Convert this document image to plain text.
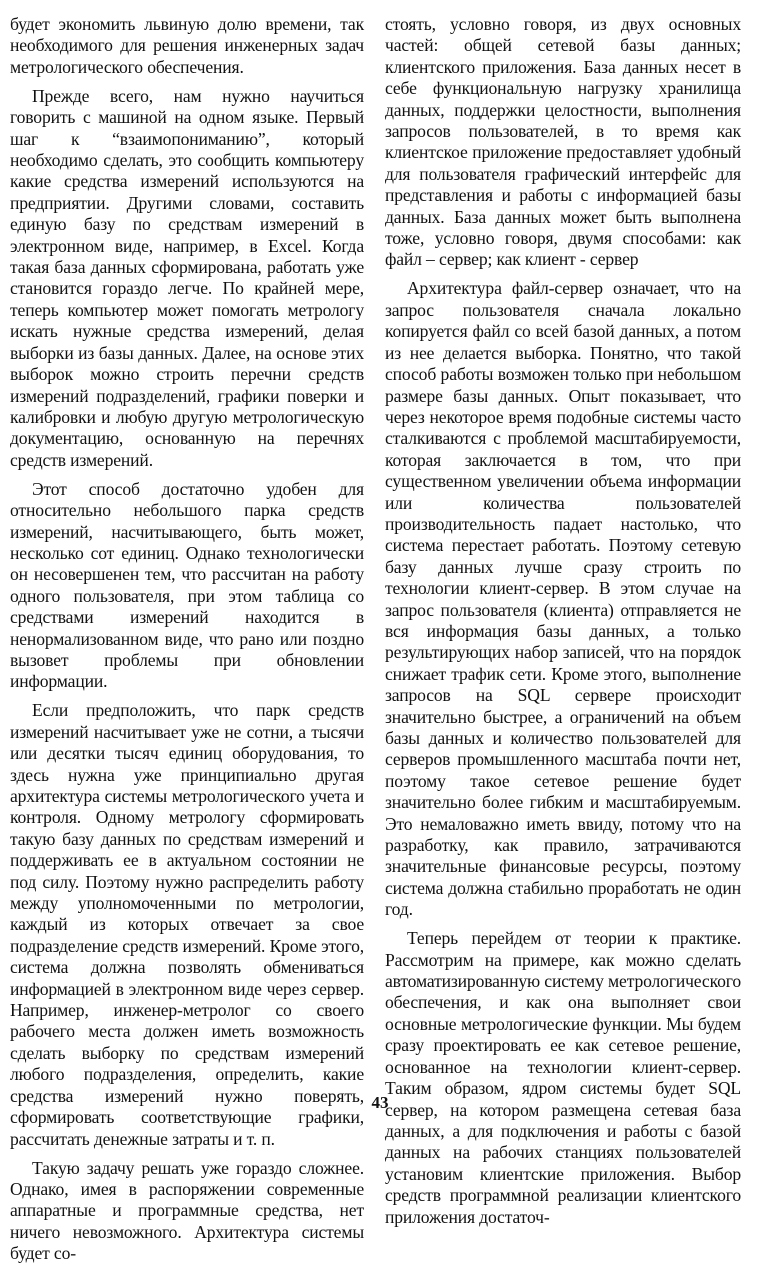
будет экономить львиную долю времени, так необходимого для решения инженерных задач метрологического обеспечения.

Прежде всего, нам нужно научиться говорить с машиной на одном языке. Первый шаг к “взаимопониманию”, который необходимо сделать, это сообщить компьютеру какие средства измерений используются на предприятии. Другими словами, составить единую базу по средствам измерений в электронном виде, например, в Excel. Когда такая база данных сформирована, работать уже становится гораздо легче. По крайней мере, теперь компьютер может помогать метрологу искать нужные средства измерений, делая выборки из базы данных. Далее, на основе этих выборок можно строить перечни средств измерений подразделений, графики поверки и калибровки и любую другую метрологическую документацию, основанную на перечнях средств измерений.

Этот способ достаточно удобен для относительно небольшого парка средств измерений, насчитывающего, быть может, несколько сот единиц. Однако технологически он несовершенен тем, что рассчитан на работу одного пользователя, при этом таблица со средствами измерений находится в ненормализованном виде, что рано или поздно вызовет проблемы при обновлении информации.

Если предположить, что парк средств измерений насчитывает уже не сотни, а тысячи или десятки тысяч единиц оборудования, то здесь нужна уже принципиально другая архитектура системы метрологического учета и контроля. Одному метрологу сформировать такую базу данных по средствам измерений и поддерживать ее в актуальном состоянии не под силу. Поэтому нужно распределить работу между уполномоченными по метрологии, каждый из которых отвечает за свое подразделение средств измерений. Кроме этого, система должна позволять обмениваться информацией в электронном виде через сервер. Например, инженер-метролог со своего рабочего места должен иметь возможность сделать выборку по средствам измерений любого подразделения, определить, какие средства измерений нужно поверять, сформировать соответствующие графики, рассчитать денежные затраты и т. п.

Такую задачу решать уже гораздо сложнее. Однако, имея в распоряжении современные аппаратные и программные средства, нет ничего невозможного. Архитектура системы будет со-

стоять, условно говоря, из двух основных частей: общей сетевой базы данных; клиентского приложения. База данных несет в себе функциональную нагрузку хранилища данных, поддержки целостности, выполнения запросов пользователей, в то время как клиентское приложение предоставляет удобный для пользователя графический интерфейс для представления и работы с информацией базы данных. База данных может быть выполнена тоже, условно говоря, двумя способами: как файл – сервер; как клиент - сервер

Архитектура файл-сервер означает, что на запрос пользователя сначала локально копируется файл со всей базой данных, а потом из нее делается выборка. Понятно, что такой способ работы возможен только при небольшом размере базы данных. Опыт показывает, что через некоторое время подобные системы часто сталкиваются с проблемой масштабируемости, которая заключается в том, что при существенном увеличении объема информации или количества пользователей производительность падает настолько, что система перестает работать. Поэтому сетевую базу данных лучше сразу строить по технологии клиент-сервер. В этом случае на запрос пользователя (клиента) отправляется не вся информация базы данных, а только результирующих набор записей, что на порядок снижает трафик сети. Кроме этого, выполнение запросов на SQL сервере происходит значительно быстрее, а ограничений на объем базы данных и количество пользователей для серверов промышленного масштаба почти нет, поэтому такое сетевое решение будет значительно более гибким и масштабируемым. Это немаловажно иметь ввиду, потому что на разработку, как правило, затрачиваются значительные финансовые ресурсы, поэтому система должна стабильно проработать не один год.

Теперь перейдем от теории к практике. Рассмотрим на примере, как можно сделать автоматизированную систему метрологического обеспечения, и как она выполняет свои основные метрологические функции. Мы будем сразу проектировать ее как сетевое решение, основанное на технологии клиент-сервер. Таким образом, ядром системы будет SQL сервер, на котором размещена сетевая база данных, а для подключения и работы с базой данных на рабочих станциях пользователей установим клиентские приложения. Выбор средств программной реализации клиентского приложения достаточ-

43
